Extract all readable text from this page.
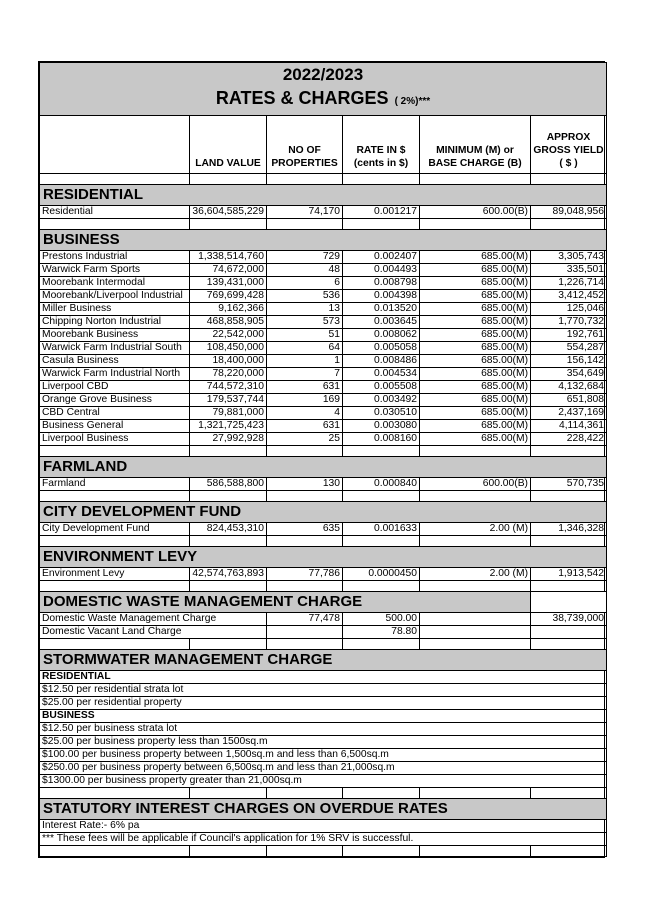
2022/2023
RATES & CHARGES ( 2%)***					

	LAND VALUE	NO OF PROPERTIES	RATE IN $ (cents in $)	MINIMUM (M) or BASE CHARGE (B)	APPROX GROSS YIELD ( $ )

RESIDENTIAL					
Residential	36,604,585,229	74,170	0.001217	600.00(B)	89,048,956

BUSINESS					
Prestons Industrial	1,338,514,760	729	0.002407	685.00(M)	3,305,743
Warwick Farm Sports	74,672,000	48	0.004493	685.00(M)	335,501
Moorebank Intermodal	139,431,000	6	0.008798	685.00(M)	1,226,714
Moorebank/Liverpool Industrial	769,699,428	536	0.004398	685.00(M)	3,412,452
Miller Business	9,162,366	13	0.013520	685.00(M)	125,046
Chipping Norton Industrial	468,858,905	573	0.003645	685.00(M)	1,770,732
Moorebank Business	22,542,000	51	0.008062	685.00(M)	192,761
Warwick Farm Industrial South	108,450,000	64	0.005058	685.00(M)	554,287
Casula Business	18,400,000	1	0.008486	685.00(M)	156,142
Warwick Farm Industrial North	78,220,000	7	0.004534	685.00(M)	354,649
Liverpool CBD	744,572,310	631	0.005508	685.00(M)	4,132,684
Orange Grove Business	179,537,744	169	0.003492	685.00(M)	651,808
CBD Central	79,881,000	4	0.030510	685.00(M)	2,437,169
Business General	1,321,725,423	631	0.003080	685.00(M)	4,114,361
Liverpool Business	27,992,928	25	0.008160	685.00(M)	228,422

FARMLAND					
Farmland	586,588,800	130	0.000840	600.00(B)	570,735

CITY DEVELOPMENT FUND					
City Development Fund	824,453,310	635	0.001633	2.00 (M)	1,346,328

ENVIRONMENT LEVY					
Environment Levy	42,574,763,893	77,786	0.0000450	2.00 (M)	1,913,542

DOMESTIC WASTE MANAGEMENT CHARGE					
Domestic Waste Management Charge		77,478	500.00		38,739,000
Domestic Vacant Land Charge			78.80		

STORMWATER MANAGEMENT CHARGE					
RESIDENTIAL					
$12.50 per residential strata lot					
$25.00 per residential property					
BUSINESS					
$12.50 per business strata lot					
$25.00 per business property less than 1500sq.m					
$100.00 per business property between 1,500sq.m and less than 6,500sq.m					
$250.00 per business property between 6,500sq.m and less than 21,000sq.m					
$1300.00 per business property greater than 21,000sq.m					

STATUTORY INTEREST CHARGES ON OVERDUE RATES					
Interest Rate:- 6% pa					
*** These fees will be applicable if Council's application for 1% SRV is successful.					
